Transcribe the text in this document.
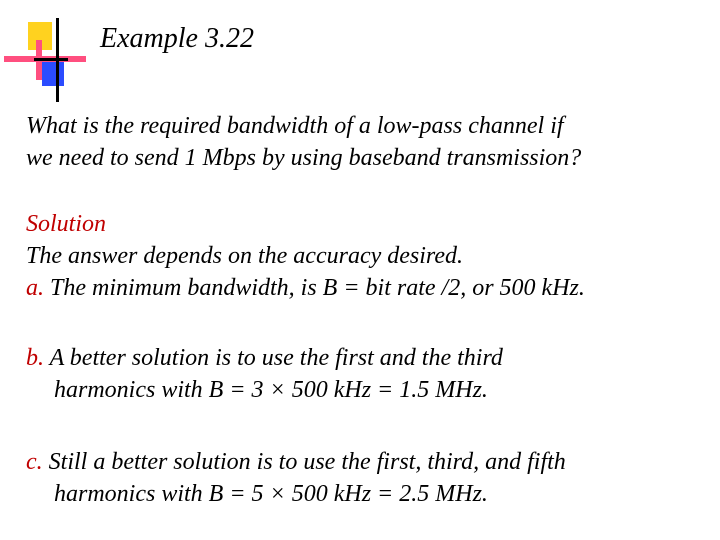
Example 3.22
What is the required bandwidth of a low-pass channel if
we need to send 1 Mbps by using baseband transmission?
Solution
The answer depends on the accuracy desired.
a. The minimum bandwidth, is B = bit rate /2, or 500 kHz.
b. A better solution is to use the first and the third
harmonics with B = 3 × 500 kHz = 1.5 MHz.
c. Still a better solution is to use the first, third, and fifth
harmonics with B = 5 × 500 kHz = 2.5 MHz.
